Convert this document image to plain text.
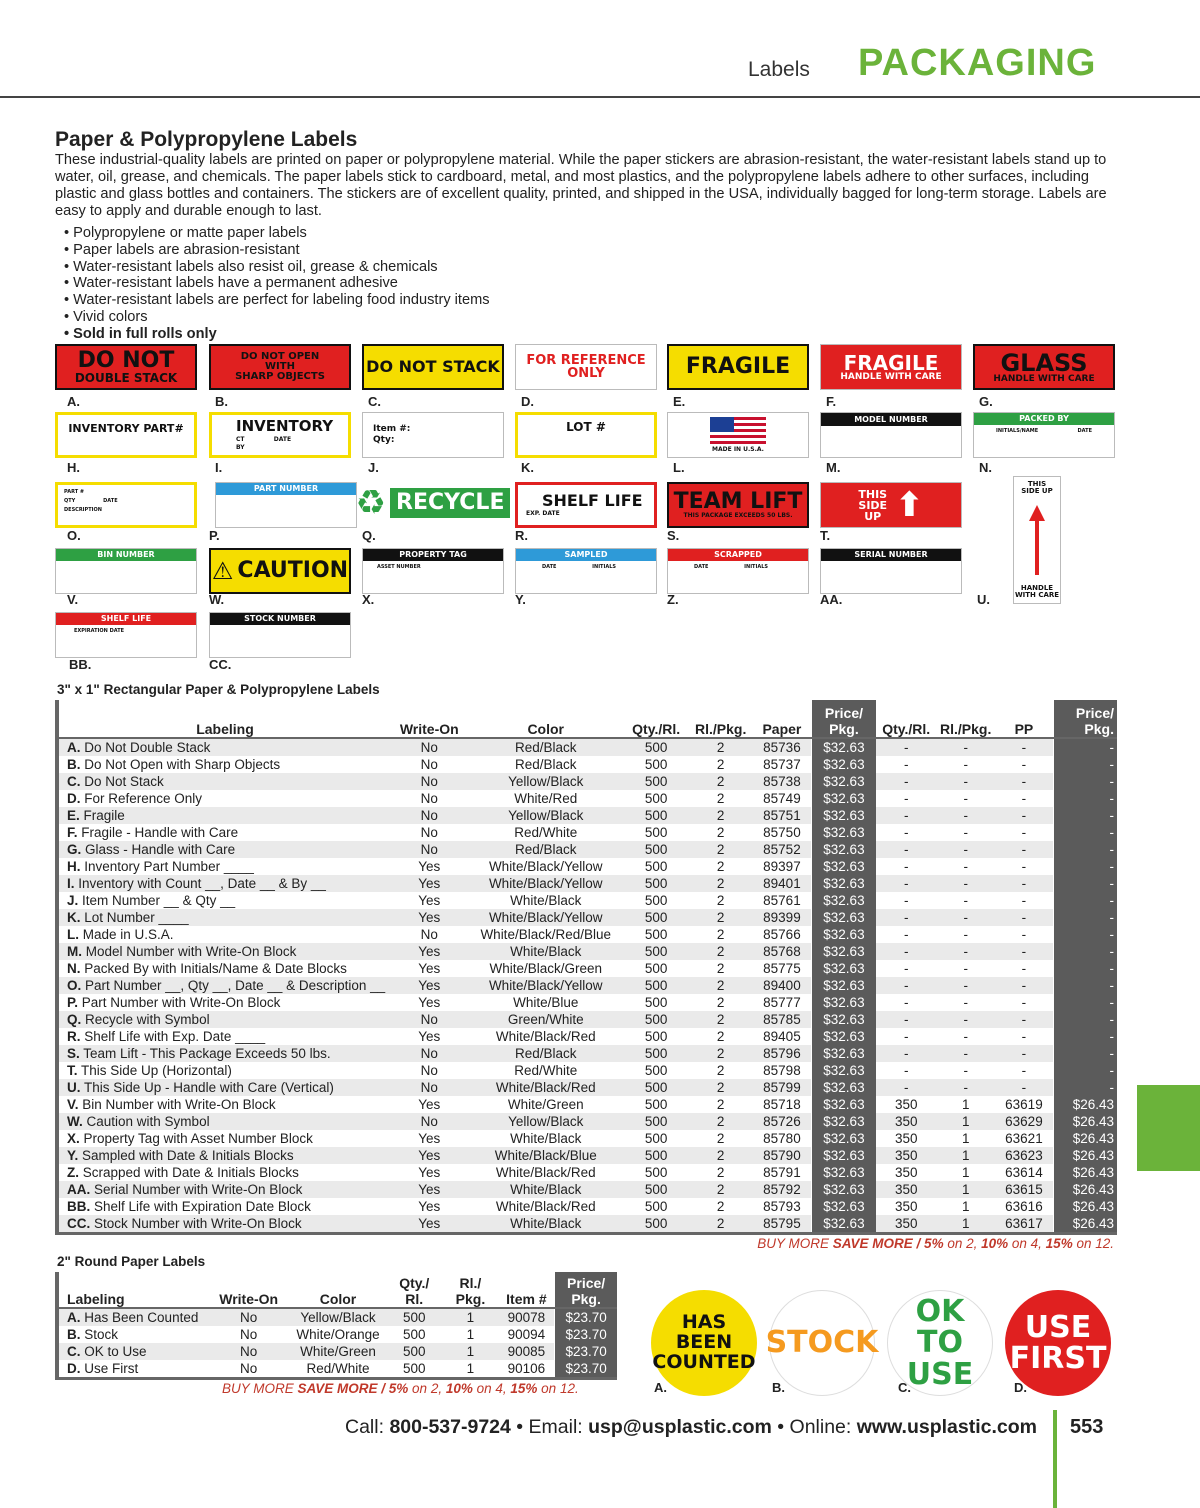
Labels PACKAGING
Paper & Polypropylene Labels

These industrial-quality labels are printed on paper or polypropylene material. While the paper stickers are abrasion-resistant, the water-resistant labels stand up to water, oil, grease, and chemicals. The paper labels stick to cardboard, metal, and most plastics, and the polypropylene labels adhere to other surfaces, including plastic and glass bottles and containers. The stickers are of excellent quality, printed, and shipped in the USA, individually bagged for long-term storage. Labels are easy to apply and durable enough to last.

• Polypropylene or matte paper labels
• Paper labels are abrasion-resistant
• Water-resistant labels also resist oil, grease & chemicals
• Water-resistant labels have a permanent adhesive
• Water-resistant labels are perfect for labeling food industry items
• Vivid colors
• Sold in full rolls only
DO NOT
DOUBLE STACK
A.
DO NOT OPEN
WITH
SHARP OBJECTS
B.
DO NOT STACK
C.
FOR REFERENCE
ONLY
D.
FRAGILE
E.
FRAGILE
HANDLE WITH CARE
F.
GLASS
HANDLE WITH CARE
G.
INVENTORY PART#
H.
INVENTORY
CT	DATE
BY
I.
Item #:
Qty:
J.
LOT #
K.
MADE IN U.S.A.
L.
MODEL NUMBER
M.
PACKED BY
INITIALS/NAME	DATE
N.
PART #
QTY	DATE
DESCRIPTION
O.
PART NUMBER
P.
♻ RECYCLE
Q.
SHELF LIFE
EXP. DATE
R.
TEAM LIFT
THIS PACKAGE EXCEEDS 50 LBS.
S.
THIS
SIDE
UP ⬆
T.
THIS
SIDE UP
HANDLE
WITH CARE
U.
BIN NUMBER
V.
⚠ CAUTION
W.
PROPERTY TAG
ASSET NUMBER
X.
SAMPLED
DATE	INITIALS
Y.
SCRAPPED
DATE	INITIALS
Z.
SERIAL NUMBER
AA.
SHELF LIFE
EXPIRATION DATE
BB.
STOCK NUMBER
CC.
3" x 1" Rectangular Paper & Polypropylene Labels
Labeling	Write-On	Color	Qty./Rl.	Rl./Pkg.	Paper	Price/
Pkg.	Qty./Rl.	Rl./Pkg.	PP	Price/
Pkg.
A. Do Not Double Stack	No	Red/Black	500	2	85736	$32.63	-	-	-	-
B. Do Not Open with Sharp Objects	No	Red/Black	500	2	85737	$32.63	-	-	-	-
C. Do Not Stack	No	Yellow/Black	500	2	85738	$32.63	-	-	-	-
D. For Reference Only	No	White/Red	500	2	85749	$32.63	-	-	-	-
E. Fragile	No	Yellow/Black	500	2	85751	$32.63	-	-	-	-
F. Fragile - Handle with Care	No	Red/White	500	2	85750	$32.63	-	-	-	-
G. Glass - Handle with Care	No	Red/Black	500	2	85752	$32.63	-	-	-	-
H. Inventory Part Number ____	Yes	White/Black/Yellow	500	2	89397	$32.63	-	-	-	-
I. Inventory with Count __, Date __ & By __	Yes	White/Black/Yellow	500	2	89401	$32.63	-	-	-	-
J. Item Number __ & Qty __	Yes	White/Black	500	2	85761	$32.63	-	-	-	-
K. Lot Number ____	Yes	White/Black/Yellow	500	2	89399	$32.63	-	-	-	-
L. Made in U.S.A.	No	White/Black/Red/Blue	500	2	85766	$32.63	-	-	-	-
M. Model Number with Write-On Block	Yes	White/Black	500	2	85768	$32.63	-	-	-	-
N. Packed By with Initials/Name & Date Blocks	Yes	White/Black/Green	500	2	85775	$32.63	-	-	-	-
O. Part Number __, Qty __, Date __ & Description __	Yes	White/Black/Yellow	500	2	89400	$32.63	-	-	-	-
P. Part Number with Write-On Block	Yes	White/Blue	500	2	85777	$32.63	-	-	-	-
Q. Recycle with Symbol	No	Green/White	500	2	85785	$32.63	-	-	-	-
R. Shelf Life with Exp. Date ____	Yes	White/Black/Red	500	2	89405	$32.63	-	-	-	-
S. Team Lift - This Package Exceeds 50 lbs.	No	Red/Black	500	2	85796	$32.63	-	-	-	-
T. This Side Up (Horizontal)	No	Red/White	500	2	85798	$32.63	-	-	-	-
U. This Side Up - Handle with Care (Vertical)	No	White/Black/Red	500	2	85799	$32.63	-	-	-	-
V. Bin Number with Write-On Block	Yes	White/Green	500	2	85718	$32.63	350	1	63619	$26.43
W. Caution with Symbol	No	Yellow/Black	500	2	85726	$32.63	350	1	63629	$26.43
X. Property Tag with Asset Number Block	Yes	White/Black	500	2	85780	$32.63	350	1	63621	$26.43
Y. Sampled with Date & Initials Blocks	Yes	White/Black/Blue	500	2	85790	$32.63	350	1	63623	$26.43
Z. Scrapped with Date & Initials Blocks	Yes	White/Black/Red	500	2	85791	$32.63	350	1	63614	$26.43
AA. Serial Number with Write-On Block	Yes	White/Black	500	2	85792	$32.63	350	1	63615	$26.43
BB. Shelf Life with Expiration Date Block	Yes	White/Black/Red	500	2	85793	$32.63	350	1	63616	$26.43
CC. Stock Number with Write-On Block	Yes	White/Black	500	2	85795	$32.63	350	1	63617	$26.43
BUY MORE SAVE MORE / 5% on 2, 10% on 4, 15% on 12.
2" Round Paper Labels
Labeling	Write-On	Color	Qty./
Rl.	Rl./
Pkg.	Item #	Price/
Pkg.
A. Has Been Counted	No	Yellow/Black	500	1	90078	$23.70
B. Stock	No	White/Orange	500	1	90094	$23.70
C. OK to Use	No	White/Green	500	1	90085	$23.70
D. Use First	No	Red/White	500	1	90106	$23.70
BUY MORE SAVE MORE / 5% on 2, 10% on 4, 15% on 12.
HAS
BEEN
COUNTED
A.
STOCK
B.
OK TO
USE
C.
USE
FIRST
D.
Call: 800-537-9724 • Email: usp@usplastic.com • Online: www.usplastic.com 553
